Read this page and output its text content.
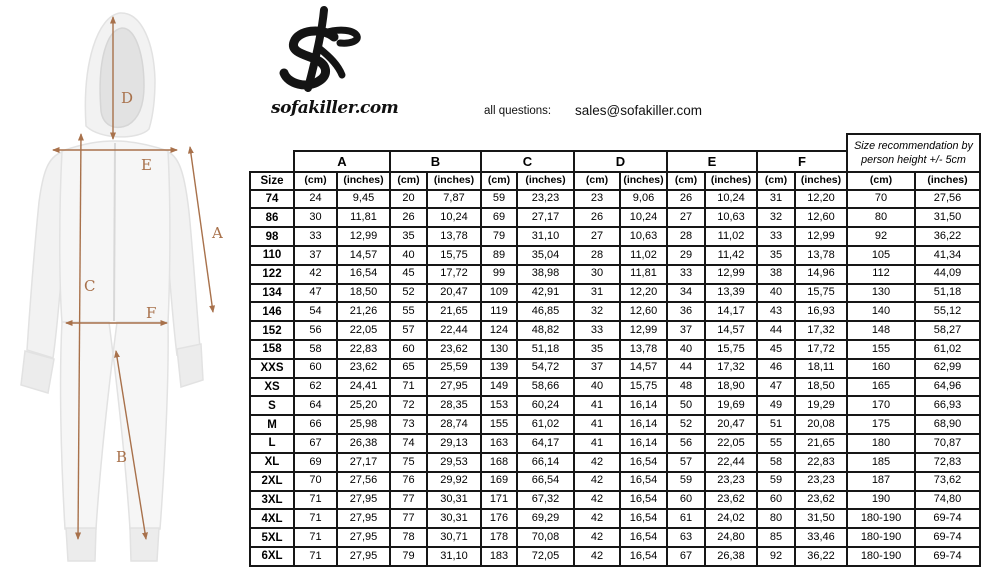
D
E
A
C
F
B
sofakiller.com	all questions: sales@sofakiller.com
Size recommendation by person height +/- 5cm
A	B	C	D	E	F
Size	(cm)	(inches)	(cm)	(inches)	(cm)	(inches)	(cm)	(inches)	(cm)	(inches)	(cm)	(inches)	(cm)	(inches)
74	24	9,45	20	7,87	59	23,23	23	9,06	26	10,24	31	12,20	70	27,56
86	30	11,81	26	10,24	69	27,17	26	10,24	27	10,63	32	12,60	80	31,50
98	33	12,99	35	13,78	79	31,10	27	10,63	28	11,02	33	12,99	92	36,22
110	37	14,57	40	15,75	89	35,04	28	11,02	29	11,42	35	13,78	105	41,34
122	42	16,54	45	17,72	99	38,98	30	11,81	33	12,99	38	14,96	112	44,09
134	47	18,50	52	20,47	109	42,91	31	12,20	34	13,39	40	15,75	130	51,18
146	54	21,26	55	21,65	119	46,85	32	12,60	36	14,17	43	16,93	140	55,12
152	56	22,05	57	22,44	124	48,82	33	12,99	37	14,57	44	17,32	148	58,27
158	58	22,83	60	23,62	130	51,18	35	13,78	40	15,75	45	17,72	155	61,02
XXS	60	23,62	65	25,59	139	54,72	37	14,57	44	17,32	46	18,11	160	62,99
XS	62	24,41	71	27,95	149	58,66	40	15,75	48	18,90	47	18,50	165	64,96
S	64	25,20	72	28,35	153	60,24	41	16,14	50	19,69	49	19,29	170	66,93
M	66	25,98	73	28,74	155	61,02	41	16,14	52	20,47	51	20,08	175	68,90
L	67	26,38	74	29,13	163	64,17	41	16,14	56	22,05	55	21,65	180	70,87
XL	69	27,17	75	29,53	168	66,14	42	16,54	57	22,44	58	22,83	185	72,83
2XL	70	27,56	76	29,92	169	66,54	42	16,54	59	23,23	59	23,23	187	73,62
3XL	71	27,95	77	30,31	171	67,32	42	16,54	60	23,62	60	23,62	190	74,80
4XL	71	27,95	77	30,31	176	69,29	42	16,54	61	24,02	80	31,50	180-190	69-74
5XL	71	27,95	78	30,71	178	70,08	42	16,54	63	24,80	85	33,46	180-190	69-74
6XL	71	27,95	79	31,10	183	72,05	42	16,54	67	26,38	92	36,22	180-190	69-74
